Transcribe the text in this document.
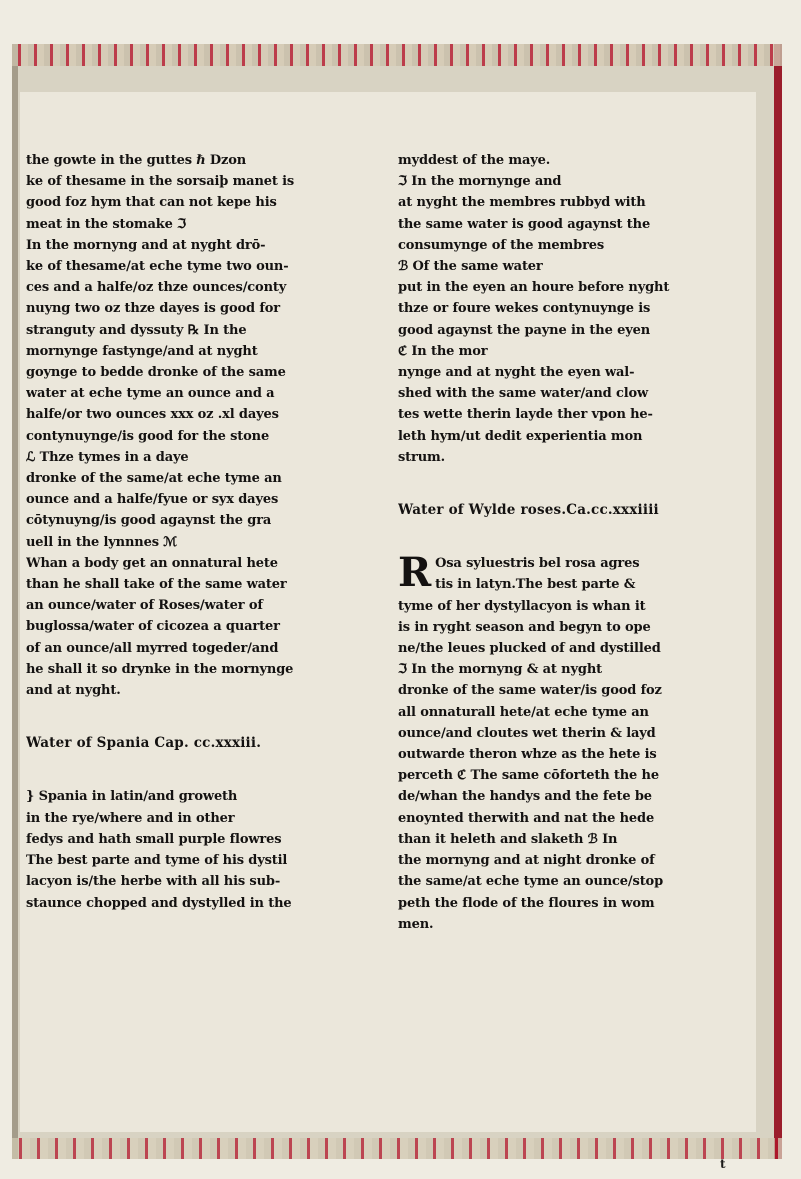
the gowte in the guttes ℏ Dzon
ke of thesame in the sorsaiþ manet is
good foz hym that can not kepe his
meat in the stomake ℑ
In the mornyng and at nyght drō-
ke of thesame/at eche tyme two oun-
ces and a halfe/oz thze ounces/conty
nuyng two oz thze dayes is good for
stranguty and dyssuty ℞ In the
mornynge fastynge/and at nyght
goynge to bedde dronke of the same
water at eche tyme an ounce and a
halfe/or two ounces xxx oz .xl dayes
contynuynge/is good for the stone
ℒ Thze tymes in a daye
dronke of the same/at eche tyme an
ounce and a halfe/fyue or syx dayes
cōtynuyng/is good agaynst the gra
uell in the lynnnes ℳ
Whan a body get an onnatural hete
than he shall take of the same water
an ounce/water of Roses/water of
buglossa/water of cicozea a quarter
of an ounce/all myrred togeder/and
he shall it so drynke in the mornynge
and at nyght.
Water of Spania Cap. cc.xxxiii.
} Spania in latin/and groweth
in the rye/where and in other
fedys and hath small purple flowres
The best parte and tyme of his dystil
lacyon is/the herbe with all his sub-
staunce chopped and dystylled in the
myddest of the maye.
ℑ In the mornynge and
at nyght the membres rubbyd with
the same water is good agaynst the
consumynge of the membres
ℬ Of the same water
put in the eyen an houre before nyght
thze or foure wekes contynuynge is
good agaynst the payne in the eyen
ℭ In the mor
nynge and at nyght the eyen wal-
shed with the same water/and clow
tes wette therin layde ther vpon he-
leth hym/ut dedit experientia mon
strum.
Water of Wylde roses.Ca.cc.xxxiiii
R Osa syluestris bel rosa agres
tis in latyn.The best parte &
tyme of her dystyllacyon is whan it
is in ryght season and begyn to ope
ne/the leues plucked of and dystilled
ℑ In the mornyng & at nyght
dronke of the same water/is good foz
all onnaturall hete/at eche tyme an
ounce/and cloutes wet therin & layd
outwarde theron whze as the hete is
perceth ℭ The same cōforteth the he
de/whan the handys and the fete be
enoynted therwith and nat the hede
than it heleth and slaketh ℬ In
the mornyng and at night dronke of
the same/at eche tyme an ounce/stop
peth the flode of the floures in wom
men.
t
